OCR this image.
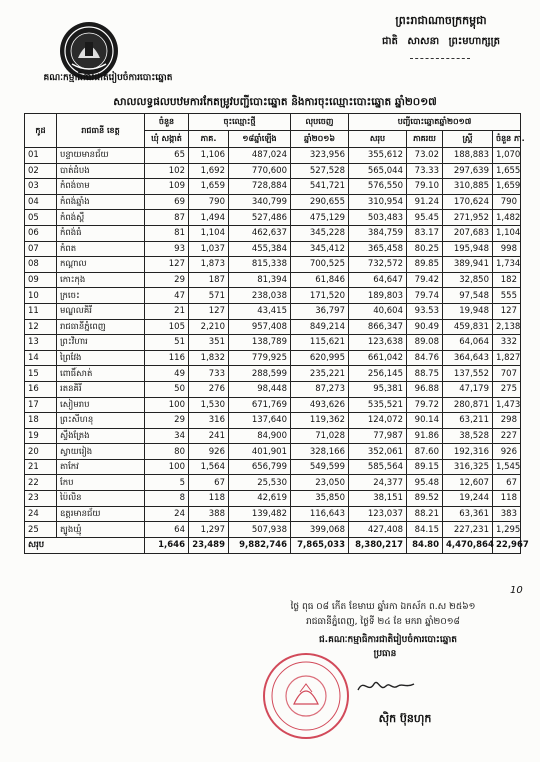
គណៈកម្មាធិការជាតិរៀបចំការបោះឆ្នោត
ព្រះរាជាណាចក្រកម្ពុជា
ជាតិ សាសនា ព្រះមហាក្សត្រ
សាលលទ្ធផលបឋមការកែតម្រូវបញ្ជីបោះឆ្នោត និងការចុះឈ្មោះបោះឆ្នោត ឆ្នាំ២០១៧
កូដ	រាជធានី ខេត្ត	ចំនួន	ចុះឈ្មោះថ្មី		លុបចេញ	បញ្ជីបោះឆ្នោតឆ្នាំ២០១៧			
		ឃុំ សង្កាត់	ភាគ.	១៨ឆ្នាំឡើង	ឆ្នាំ២០១៦	សរុប	ភាគរយ	ស្ត្រី	ចំនួន ភា.
01	បន្ទាយមានជ័យ	65	1,106	487,024	323,956	355,612	73.02	188,883	1,070
02	បាត់ដំបង	102	1,692	770,600	527,528	565,044	73.33	297,639	1,655
03	កំពង់ចាម	109	1,659	728,884	541,721	576,550	79.10	310,885	1,659
04	កំពង់ឆ្នាំង	69	790	340,799	290,655	310,954	91.24	170,624	790
05	កំពង់ស្ពឺ	87	1,494	527,486	475,129	503,483	95.45	271,952	1,482
06	កំពង់ធំ	81	1,104	462,637	345,228	384,759	83.17	207,683	1,104
07	កំពត	93	1,037	455,384	345,412	365,458	80.25	195,948	998
08	កណ្ដាល	127	1,873	815,338	700,525	732,572	89.85	389,941	1,734
09	កោះកុង	29	187	81,394	61,846	64,647	79.42	32,850	182
10	ក្រចេះ	47	571	238,038	171,520	189,803	79.74	97,548	555
11	មណ្ឌលគិរី	21	127	43,415	36,797	40,604	93.53	19,948	127
12	រាជធានីភ្នំពេញ	105	2,210	957,408	849,214	866,347	90.49	459,831	2,138
13	ព្រះវិហារ	51	351	138,789	115,621	123,638	89.08	64,064	332
14	ព្រៃវែង	116	1,832	779,925	620,995	661,042	84.76	364,643	1,827
15	ពោធិ៍សាត់	49	733	288,599	235,221	256,145	88.75	137,552	707
16	រតនគិរី	50	276	98,448	87,273	95,381	96.88	47,179	275
17	សៀមរាប	100	1,530	671,769	493,626	535,521	79.72	280,871	1,473
18	ព្រះសីហនុ	29	316	137,640	119,362	124,072	90.14	63,211	298
19	ស្ទឹងត្រែង	34	241	84,900	71,028	77,987	91.86	38,528	227
20	ស្វាយរៀង	80	926	401,901	328,166	352,061	87.60	192,316	926
21	តាកែវ	100	1,564	656,799	549,599	585,564	89.15	316,325	1,545
22	កែប	5	67	25,530	23,050	24,377	95.48	12,607	67
23	ប៉ៃលិន	8	118	42,619	35,850	38,151	89.52	19,244	118
24	ឧត្ដរមានជ័យ	24	388	139,482	116,643	123,037	88.21	63,361	383
25	ត្បូងឃ្មុំ	64	1,297	507,938	399,068	427,408	84.15	227,231	1,295
សរុប		1,646	23,489	9,882,746	7,865,033	8,380,217	84.80	4,470,864	22,967
10
ថ្ងៃ ពុធ ០៨ កើត ខែមាឃ ឆ្នាំរកា ឯកស័ក ព.ស ២៥៦១
រាជធានីភ្នំពេញ, ថ្ងៃទី ២៤ ខែ មករា ឆ្នាំ២០១៨
ជ.គណៈកម្មាធិការជាតិរៀបចំការបោះឆ្នោត
ប្រធាន
ស៊ិក ប៊ុនហុក
